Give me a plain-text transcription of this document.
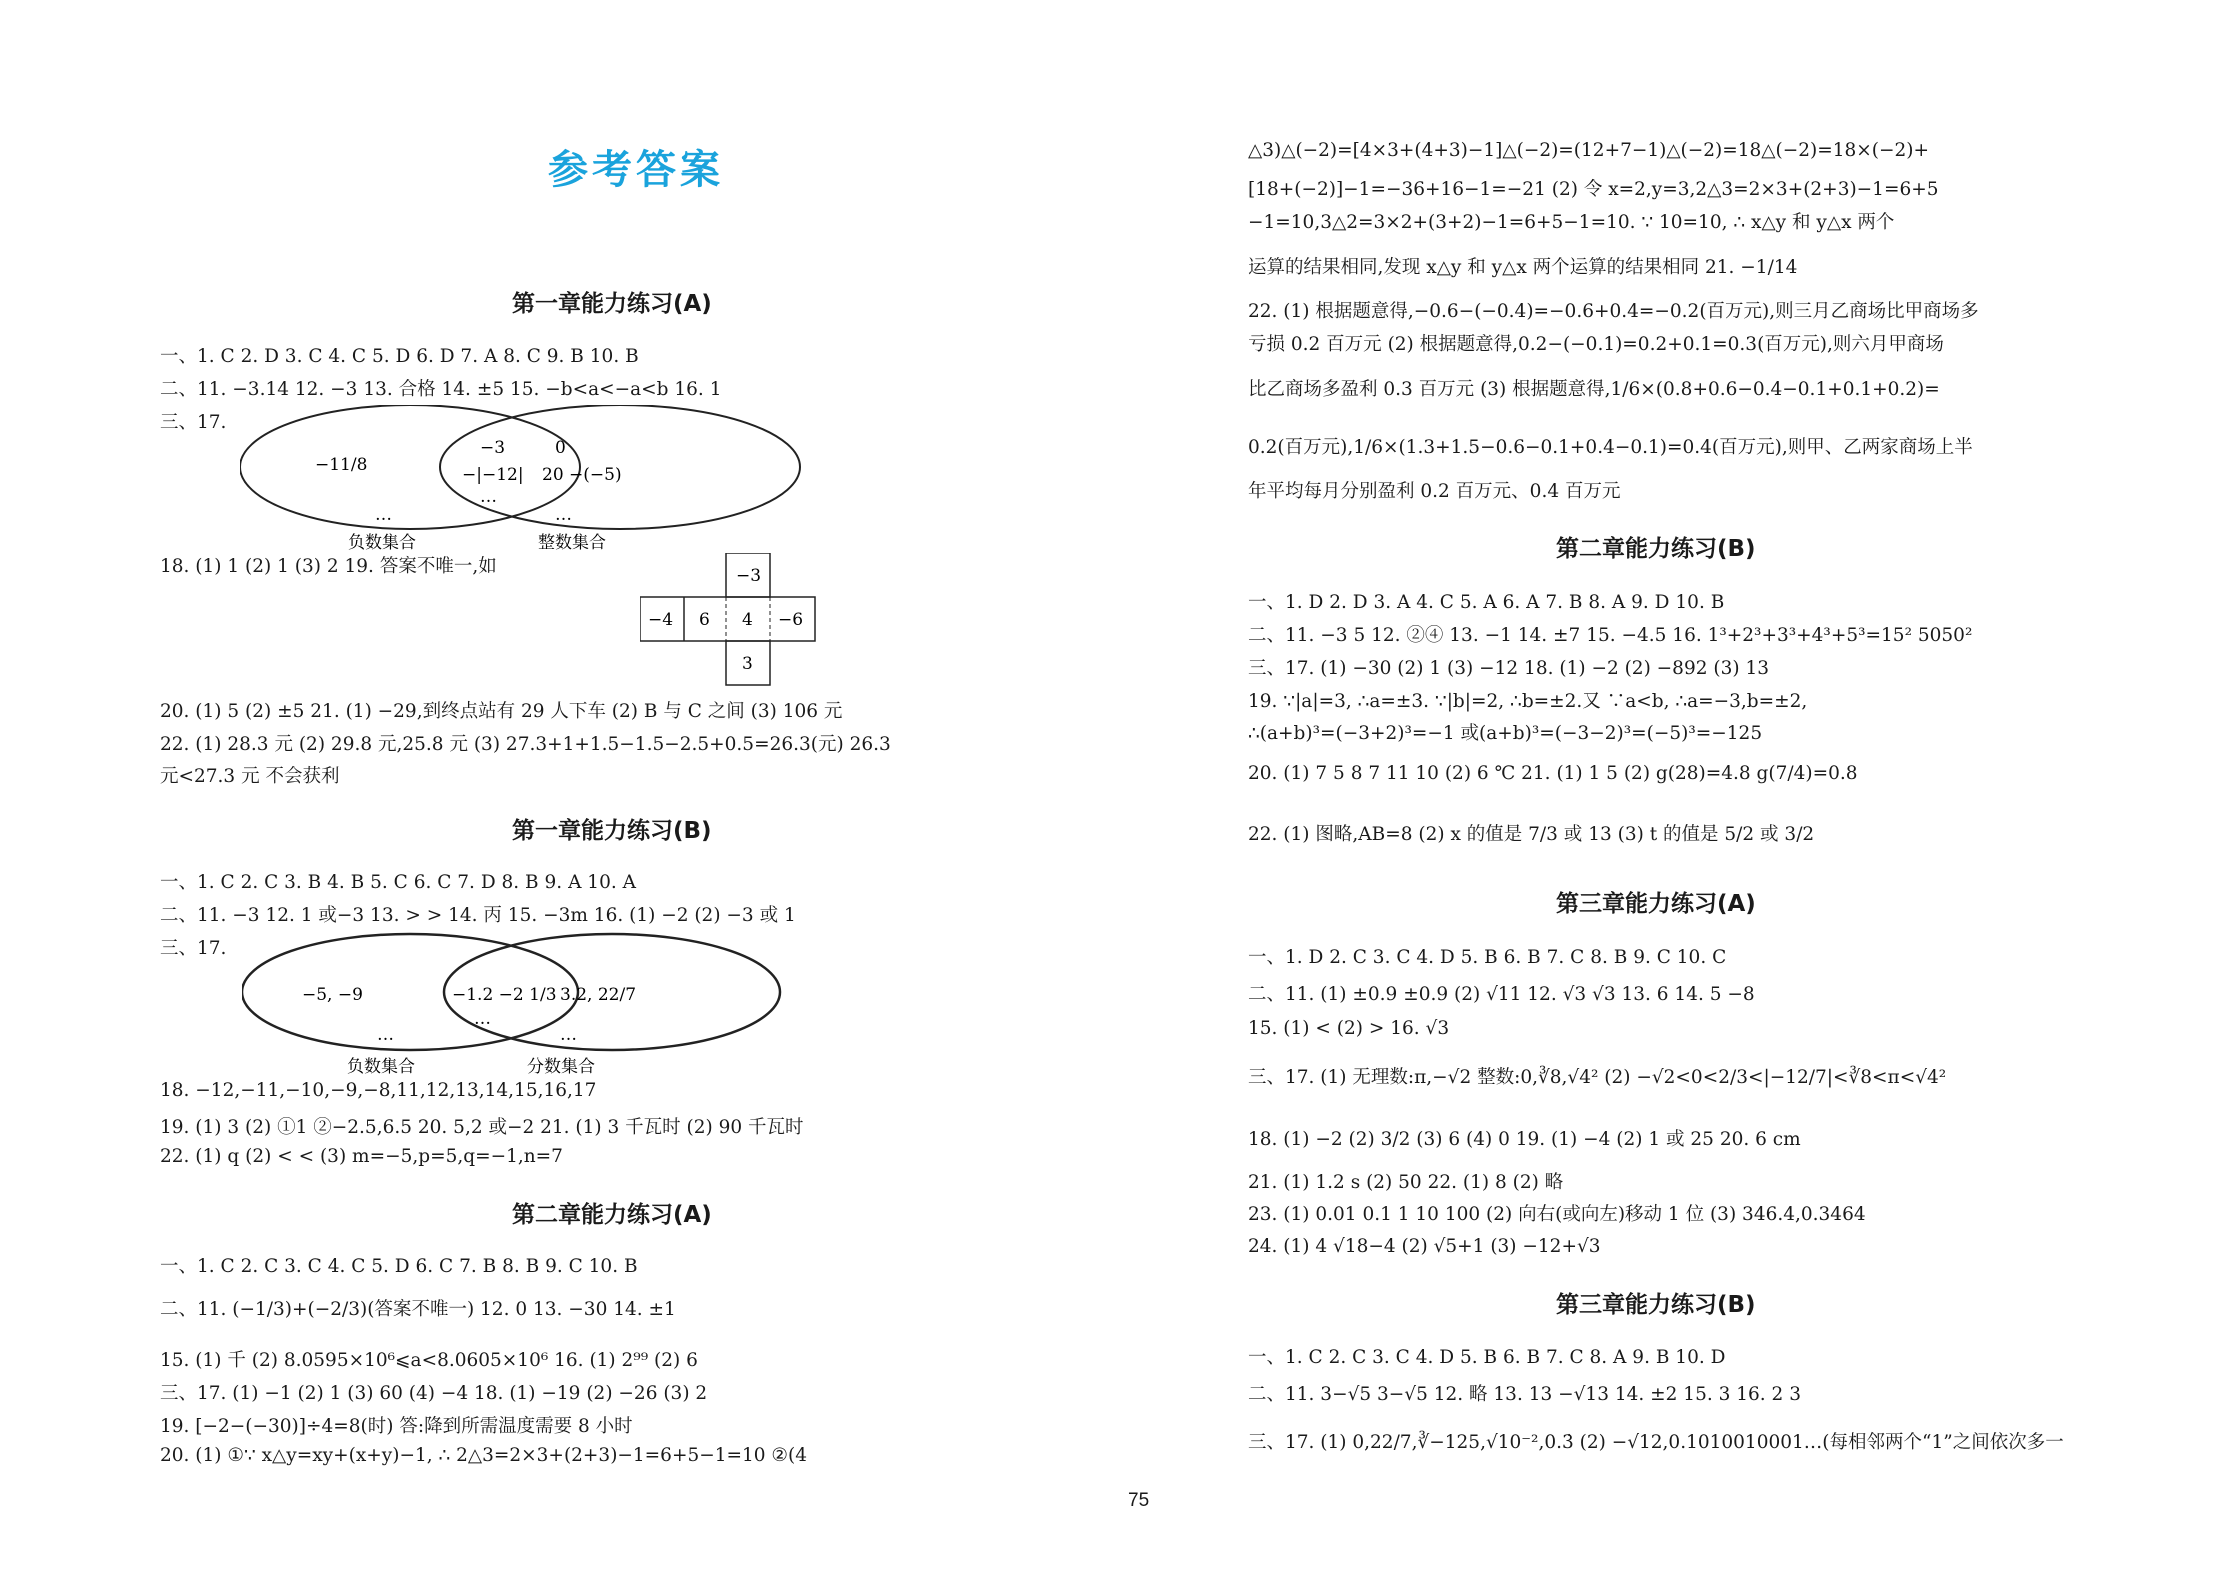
参考答案
第一章能力练习(A)
一、1. C 2. D 3. C 4. C 5. D 6. D 7. A 8. C 9. B 10. B
二、11. −3.14 12. −3 13. 合格 14. ±5 15. −b<a<−a<b 16. 1
三、17.
−11/8
−3
−|−12|
…
0
20 −(−5)
…	…
负数集合	整数集合
18. (1) 1 (2) 1 (3) 2 19. 答案不唯一,如	−3
−4 6 4 −6
3
20. (1) 5 (2) ±5 21. (1) −29,到终点站有 29 人下车 (2) B 与 C 之间 (3) 106 元
22. (1) 28.3 元 (2) 29.8 元,25.8 元 (3) 27.3+1+1.5−1.5−2.5+0.5=26.3(元) 26.3
元<27.3 元 不会获利
第一章能力练习(B)
一、1. C 2. C 3. B 4. B 5. C 6. C 7. D 8. B 9. A 10. A
二、11. −3 12. 1 或−3 13. > > 14. 丙 15. −3m 16. (1) −2 (2) −3 或 1
三、17.
−5, −9	−1.2 −2 1/3
…
3.2, 22/7
…	…
负数集合	分数集合
18. −12,−11,−10,−9,−8,11,12,13,14,15,16,17
19. (1) 3 (2) ①1 ②−2.5,6.5 20. 5,2 或−2 21. (1) 3 千瓦时 (2) 90 千瓦时
22. (1) q (2) < < (3) m=−5,p=5,q=−1,n=7
第二章能力练习(A)
一、1. C 2. C 3. C 4. C 5. D 6. C 7. B 8. B 9. C 10. B
二、11. (−1/3)+(−2/3)(答案不唯一) 12. 0 13. −30 14. ±1
15. (1) 千 (2) 8.0595×10⁶⩽a<8.0605×10⁶ 16. (1) 2⁹⁹ (2) 6
三、17. (1) −1 (2) 1 (3) 60 (4) −4 18. (1) −19 (2) −26 (3) 2
19. [−2−(−30)]÷4=8(时) 答:降到所需温度需要 8 小时
20. (1) ①∵ x△y=xy+(x+y)−1, ∴ 2△3=2×3+(2+3)−1=6+5−1=10 ②(4
△3)△(−2)=[4×3+(4+3)−1]△(−2)=(12+7−1)△(−2)=18△(−2)=18×(−2)+
[18+(−2)]−1=−36+16−1=−21 (2) 令 x=2,y=3,2△3=2×3+(2+3)−1=6+5
−1=10,3△2=3×2+(3+2)−1=6+5−1=10. ∵ 10=10, ∴ x△y 和 y△x 两个
运算的结果相同,发现 x△y 和 y△x 两个运算的结果相同 21. −1/14
22. (1) 根据题意得,−0.6−(−0.4)=−0.6+0.4=−0.2(百万元),则三月乙商场比甲商场多
亏损 0.2 百万元 (2) 根据题意得,0.2−(−0.1)=0.2+0.1=0.3(百万元),则六月甲商场
比乙商场多盈利 0.3 百万元 (3) 根据题意得,1/6×(0.8+0.6−0.4−0.1+0.1+0.2)=
0.2(百万元),1/6×(1.3+1.5−0.6−0.1+0.4−0.1)=0.4(百万元),则甲、乙两家商场上半
年平均每月分别盈利 0.2 百万元、0.4 百万元
第二章能力练习(B)
一、1. D 2. D 3. A 4. C 5. A 6. A 7. B 8. A 9. D 10. B
二、11. −3 5 12. ②④ 13. −1 14. ±7 15. −4.5 16. 1³+2³+3³+4³+5³=15² 5050²
三、17. (1) −30 (2) 1 (3) −12 18. (1) −2 (2) −892 (3) 13
19. ∵|a|=3, ∴a=±3. ∵|b|=2, ∴b=±2.又 ∵a<b, ∴a=−3,b=±2,
∴(a+b)³=(−3+2)³=−1 或(a+b)³=(−3−2)³=(−5)³=−125
20. (1) 7 5 8 7 11 10 (2) 6 ℃ 21. (1) 1 5 (2) g(28)=4.8 g(7/4)=0.8
22. (1) 图略,AB=8 (2) x 的值是 7/3 或 13 (3) t 的值是 5/2 或 3/2
第三章能力练习(A)
一、1. D 2. C 3. C 4. D 5. B 6. B 7. C 8. B 9. C 10. C
二、11. (1) ±0.9 ±0.9 (2) √11 12. √3 √3 13. 6 14. 5 −8
15. (1) < (2) > 16. √3
三、17. (1) 无理数:π,−√2 整数:0,∛8,√4² (2) −√2<0<2/3<|−12/7|<∛8<π<√4²
18. (1) −2 (2) 3/2 (3) 6 (4) 0 19. (1) −4 (2) 1 或 25 20. 6 cm
21. (1) 1.2 s (2) 50 22. (1) 8 (2) 略
23. (1) 0.01 0.1 1 10 100 (2) 向右(或向左)移动 1 位 (3) 346.4,0.3464
24. (1) 4 √18−4 (2) √5+1 (3) −12+√3
第三章能力练习(B)
一、1. C 2. C 3. C 4. D 5. B 6. B 7. C 8. A 9. B 10. D
二、11. 3−√5 3−√5 12. 略 13. 13 −√13 14. ±2 15. 3 16. 2 3
三、17. (1) 0,22/7,∛−125,√10⁻²,0.3̇ (2) −√12,0.1010010001…(每相邻两个“1”之间依次多一
75
